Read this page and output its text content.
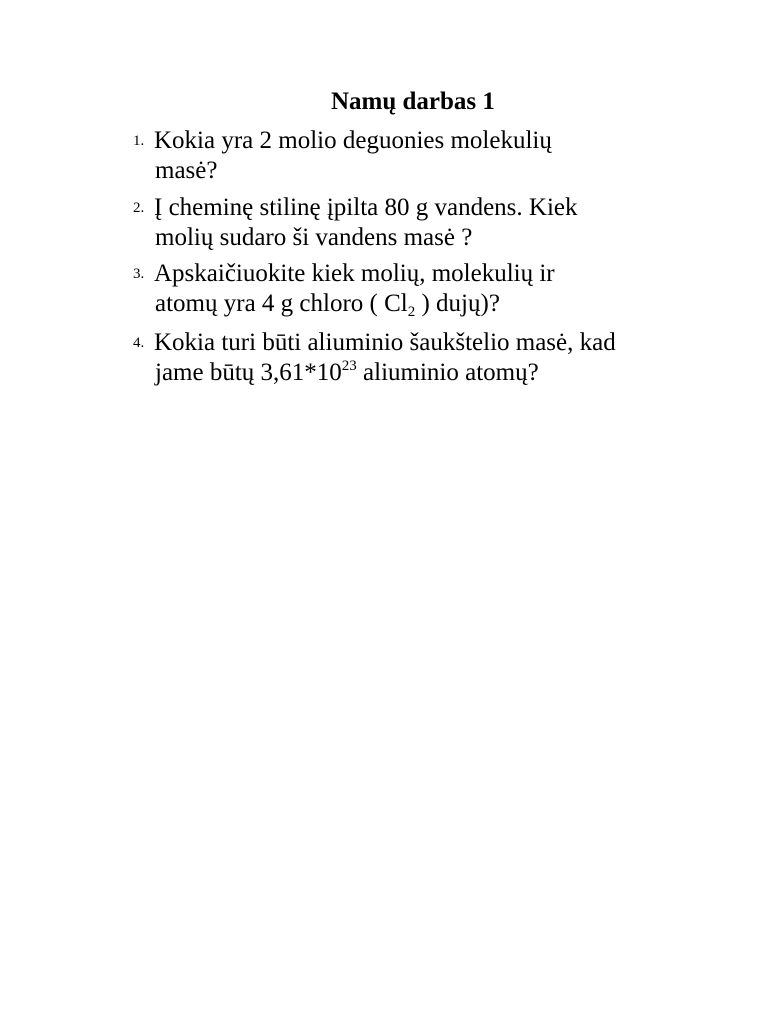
Namų darbas 1
1. Kokia yra 2 molio deguonies molekulių
masė?
2. Į cheminę stilinę įpilta 80 g vandens. Kiek
molių sudaro ši vandens masė ?
3. Apskaičiuokite kiek molių, molekulių ir
atomų yra 4 g chloro ( $Cl_2$ ) dujų)?
4. Kokia turi būti aliuminio šaukštelio masė, kad
jame būtų $3,61*10^{23}$ aliuminio atomų?
